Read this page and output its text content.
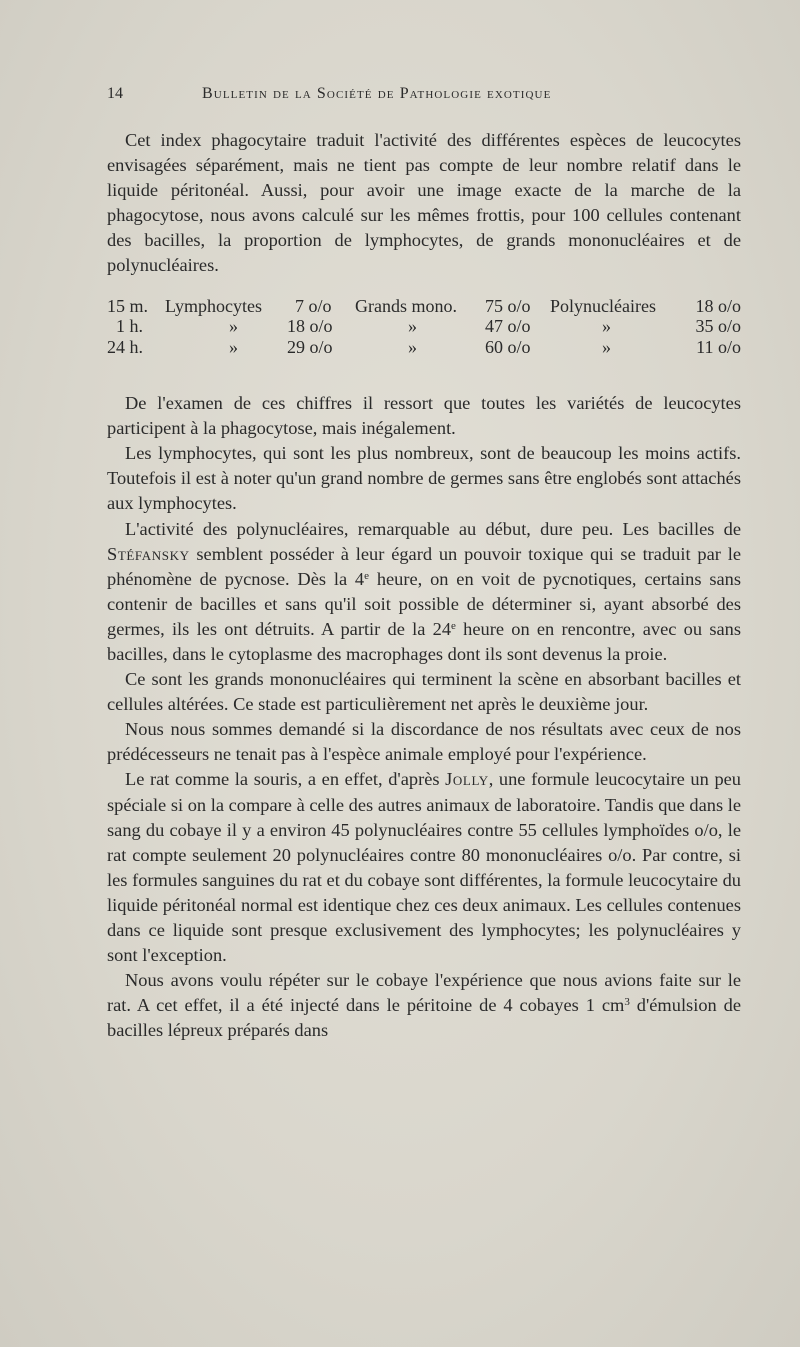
14	Bulletin de la Société de Pathologie exotique

Cet index phagocytaire traduit l'activité des différentes espèces de leucocytes envisagées séparément, mais ne tient pas compte de leur nombre relatif dans le liquide péritonéal. Aussi, pour avoir une image exacte de la marche de la phagocytose, nous avons calculé sur les mêmes frottis, pour 100 cellules contenant des bacilles, la proportion de lymphocytes, de grands mononucléaires et de polynucléaires.

15 m. Lymphocytes 7 o/o Grands mono. 75 o/o Polynucléaires 18 o/o
1 h.	»	18 o/o	»	47 o/o	»	35 o/o
24 h.	»	29 o/o	»	60 o/o	»	11 o/o

De l'examen de ces chiffres il ressort que toutes les variétés de leucocytes participent à la phagocytose, mais inégalement.

Les lymphocytes, qui sont les plus nombreux, sont de beaucoup les moins actifs. Toutefois il est à noter qu'un grand nombre de germes sans être englobés sont attachés aux lymphocytes.

L'activité des polynucléaires, remarquable au début, dure peu. Les bacilles de Stéfansky semblent posséder à leur égard un pouvoir toxique qui se traduit par le phénomène de pycnose. Dès la 4e heure, on en voit de pycnotiques, certains sans contenir de bacilles et sans qu'il soit possible de déterminer si, ayant absorbé des germes, ils les ont détruits. A partir de la 24e heure on en rencontre, avec ou sans bacilles, dans le cytoplasme des macrophages dont ils sont devenus la proie.

Ce sont les grands mononucléaires qui terminent la scène en absorbant bacilles et cellules altérées. Ce stade est particulièrement net après le deuxième jour.

Nous nous sommes demandé si la discordance de nos résultats avec ceux de nos prédécesseurs ne tenait pas à l'espèce animale employé pour l'expérience.

Le rat comme la souris, a en effet, d'après Jolly, une formule leucocytaire un peu spéciale si on la compare à celle des autres animaux de laboratoire. Tandis que dans le sang du cobaye il y a environ 45 polynucléaires contre 55 cellules lymphoïdes o/o, le rat compte seulement 20 polynucléaires contre 80 mononucléaires o/o. Par contre, si les formules sanguines du rat et du cobaye sont différentes, la formule leucocytaire du liquide péritonéal normal est identique chez ces deux animaux. Les cellules contenues dans ce liquide sont presque exclusivement des lymphocytes; les polynucléaires y sont l'exception.

Nous avons voulu répéter sur le cobaye l'expérience que nous avions faite sur le rat. A cet effet, il a été injecté dans le péritoine de 4 cobayes 1 $cm^3$ d'émulsion de bacilles lépreux préparés dans
